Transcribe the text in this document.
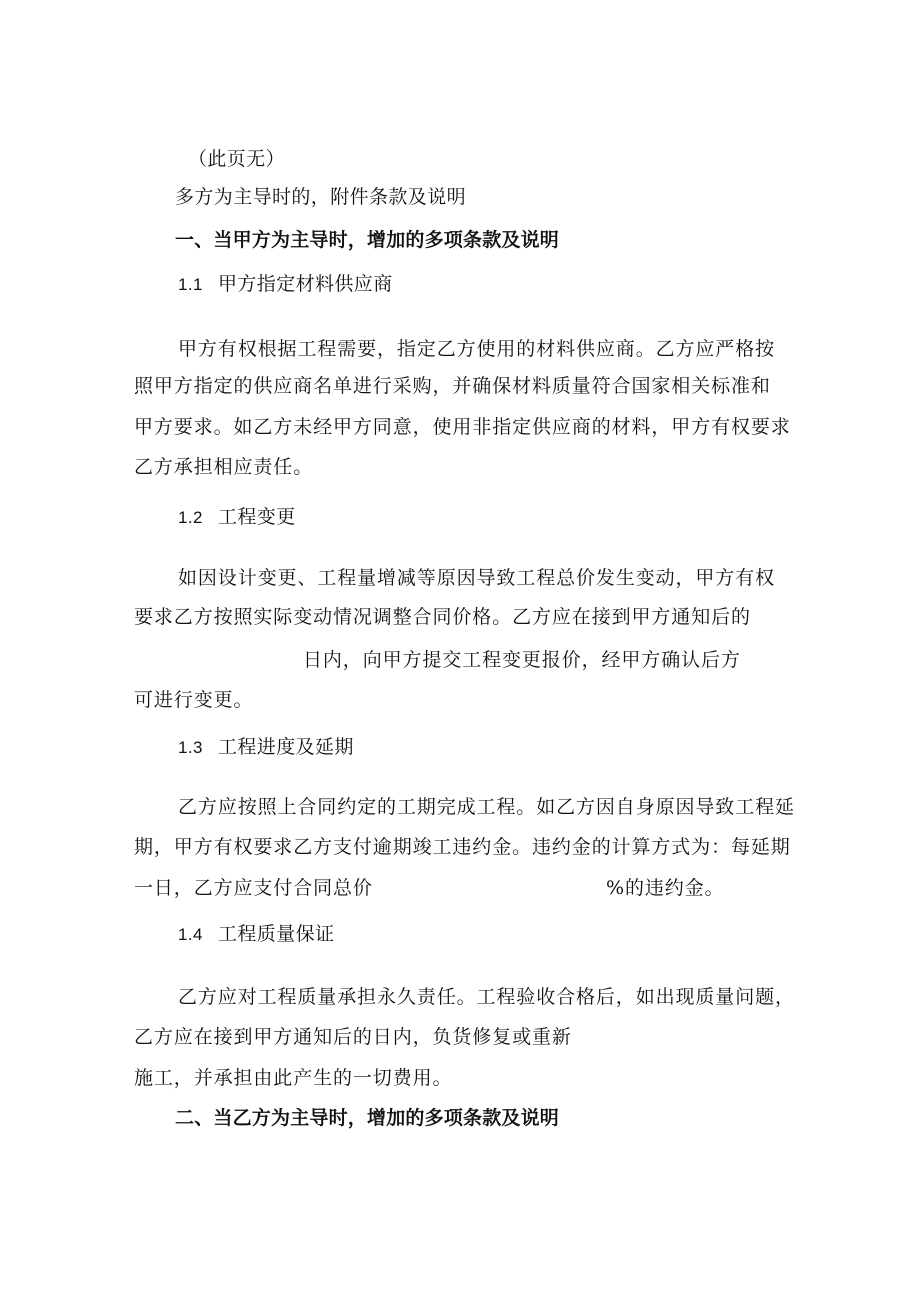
（此页无）
多方为主导时的，附件条款及说明
一、当甲方为主导时，增加的多项条款及说明
1.1 甲方指定材料供应商
甲方有权根据工程需要，指定乙方使用的材料供应商。乙方应严格按
照甲方指定的供应商名单进行采购，并确保材料质量符合国家相关标准和
甲方要求。如乙方未经甲方同意，使用非指定供应商的材料，甲方有权要求
乙方承担相应责任。
1.2 工程变更
如因设计变更、工程量增减等原因导致工程总价发生变动，甲方有权
要求乙方按照实际变动情况调整合同价格。乙方应在接到甲方通知后的
日内，向甲方提交工程变更报价，经甲方确认后方
可进行变更。
1.3 工程进度及延期
乙方应按照上合同约定的工期完成工程。如乙方因自身原因导致工程延
期，甲方有权要求乙方支付逾期竣工违约金。违约金的计算方式为：每延期
一日，乙方应支付合同总价	%的违约金。
1.4 工程质量保证
乙方应对工程质量承担永久责任。工程验收合格后，如出现质量问题，
乙方应在接到甲方通知后的日内，负货修复或重新
施工，并承担由此产生的一切费用。
二、当乙方为主导时，增加的多项条款及说明
